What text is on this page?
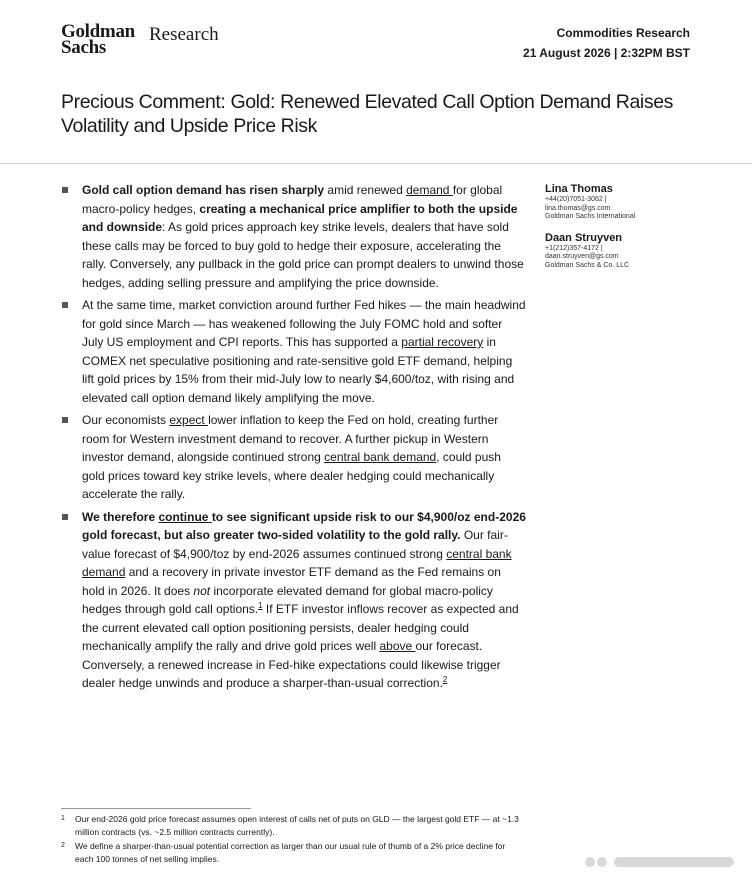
Goldman
Sachs
Research	Commodities Research
21 August 2026 | 2:32PM BST
Precious Comment: Gold: Renewed Elevated Call Option Demand Raises Volatility and Upside Price Risk
Gold call option demand has risen sharply amid renewed demand for global macro-policy hedges, creating a mechanical price amplifier to both the upside and downside: As gold prices approach key strike levels, dealers that have sold these calls may be forced to buy gold to hedge their exposure, accelerating the rally. Conversely, any pullback in the gold price can prompt dealers to unwind those hedges, adding selling pressure and amplifying the price downside.
At the same time, market conviction around further Fed hikes — the main headwind for gold since March — has weakened following the July FOMC hold and softer July US employment and CPI reports. This has supported a partial recovery in COMEX net speculative positioning and rate-sensitive gold ETF demand, helping lift gold prices by 15% from their mid-July low to nearly $4,600/toz, with rising and elevated call option demand likely amplifying the move.
Our economists expect lower inflation to keep the Fed on hold, creating further room for Western investment demand to recover. A further pickup in Western investor demand, alongside continued strong central bank demand, could push gold prices toward key strike levels, where dealer hedging could mechanically accelerate the rally.
We therefore continue to see significant upside risk to our $4,900/oz end-2026 gold forecast, but also greater two-sided volatility to the gold rally. Our fair-value forecast of $4,900/toz by end-2026 assumes continued strong central bank demand and a recovery in private investor ETF demand as the Fed remains on hold in 2026. It does not incorporate elevated demand for global macro-policy hedges through gold call options.$^1$ If ETF investor inflows recover as expected and the current elevated call option positioning persists, dealer hedging could mechanically amplify the rally and drive gold prices well above our forecast. Conversely, a renewed increase in Fed-hike expectations could likewise trigger dealer hedge unwinds and produce a sharper-than-usual correction.$^2$
Lina Thomas
+44(20)7051-3062 |
lina.thomas@gs.com
Goldman Sachs International
Daan Struyven
+1(212)357-4172 |
daan.struyven@gs.com
Goldman Sachs & Co. LLC
1 Our end-2026 gold price forecast assumes open interest of calls net of puts on GLD — the largest gold ETF — at ~1.3 million contracts (vs. ~2.5 million contracts currently).
2 We define a sharper-than-usual potential correction as larger than our usual rule of thumb of a 2% price decline for each 100 tonnes of net selling implies.
